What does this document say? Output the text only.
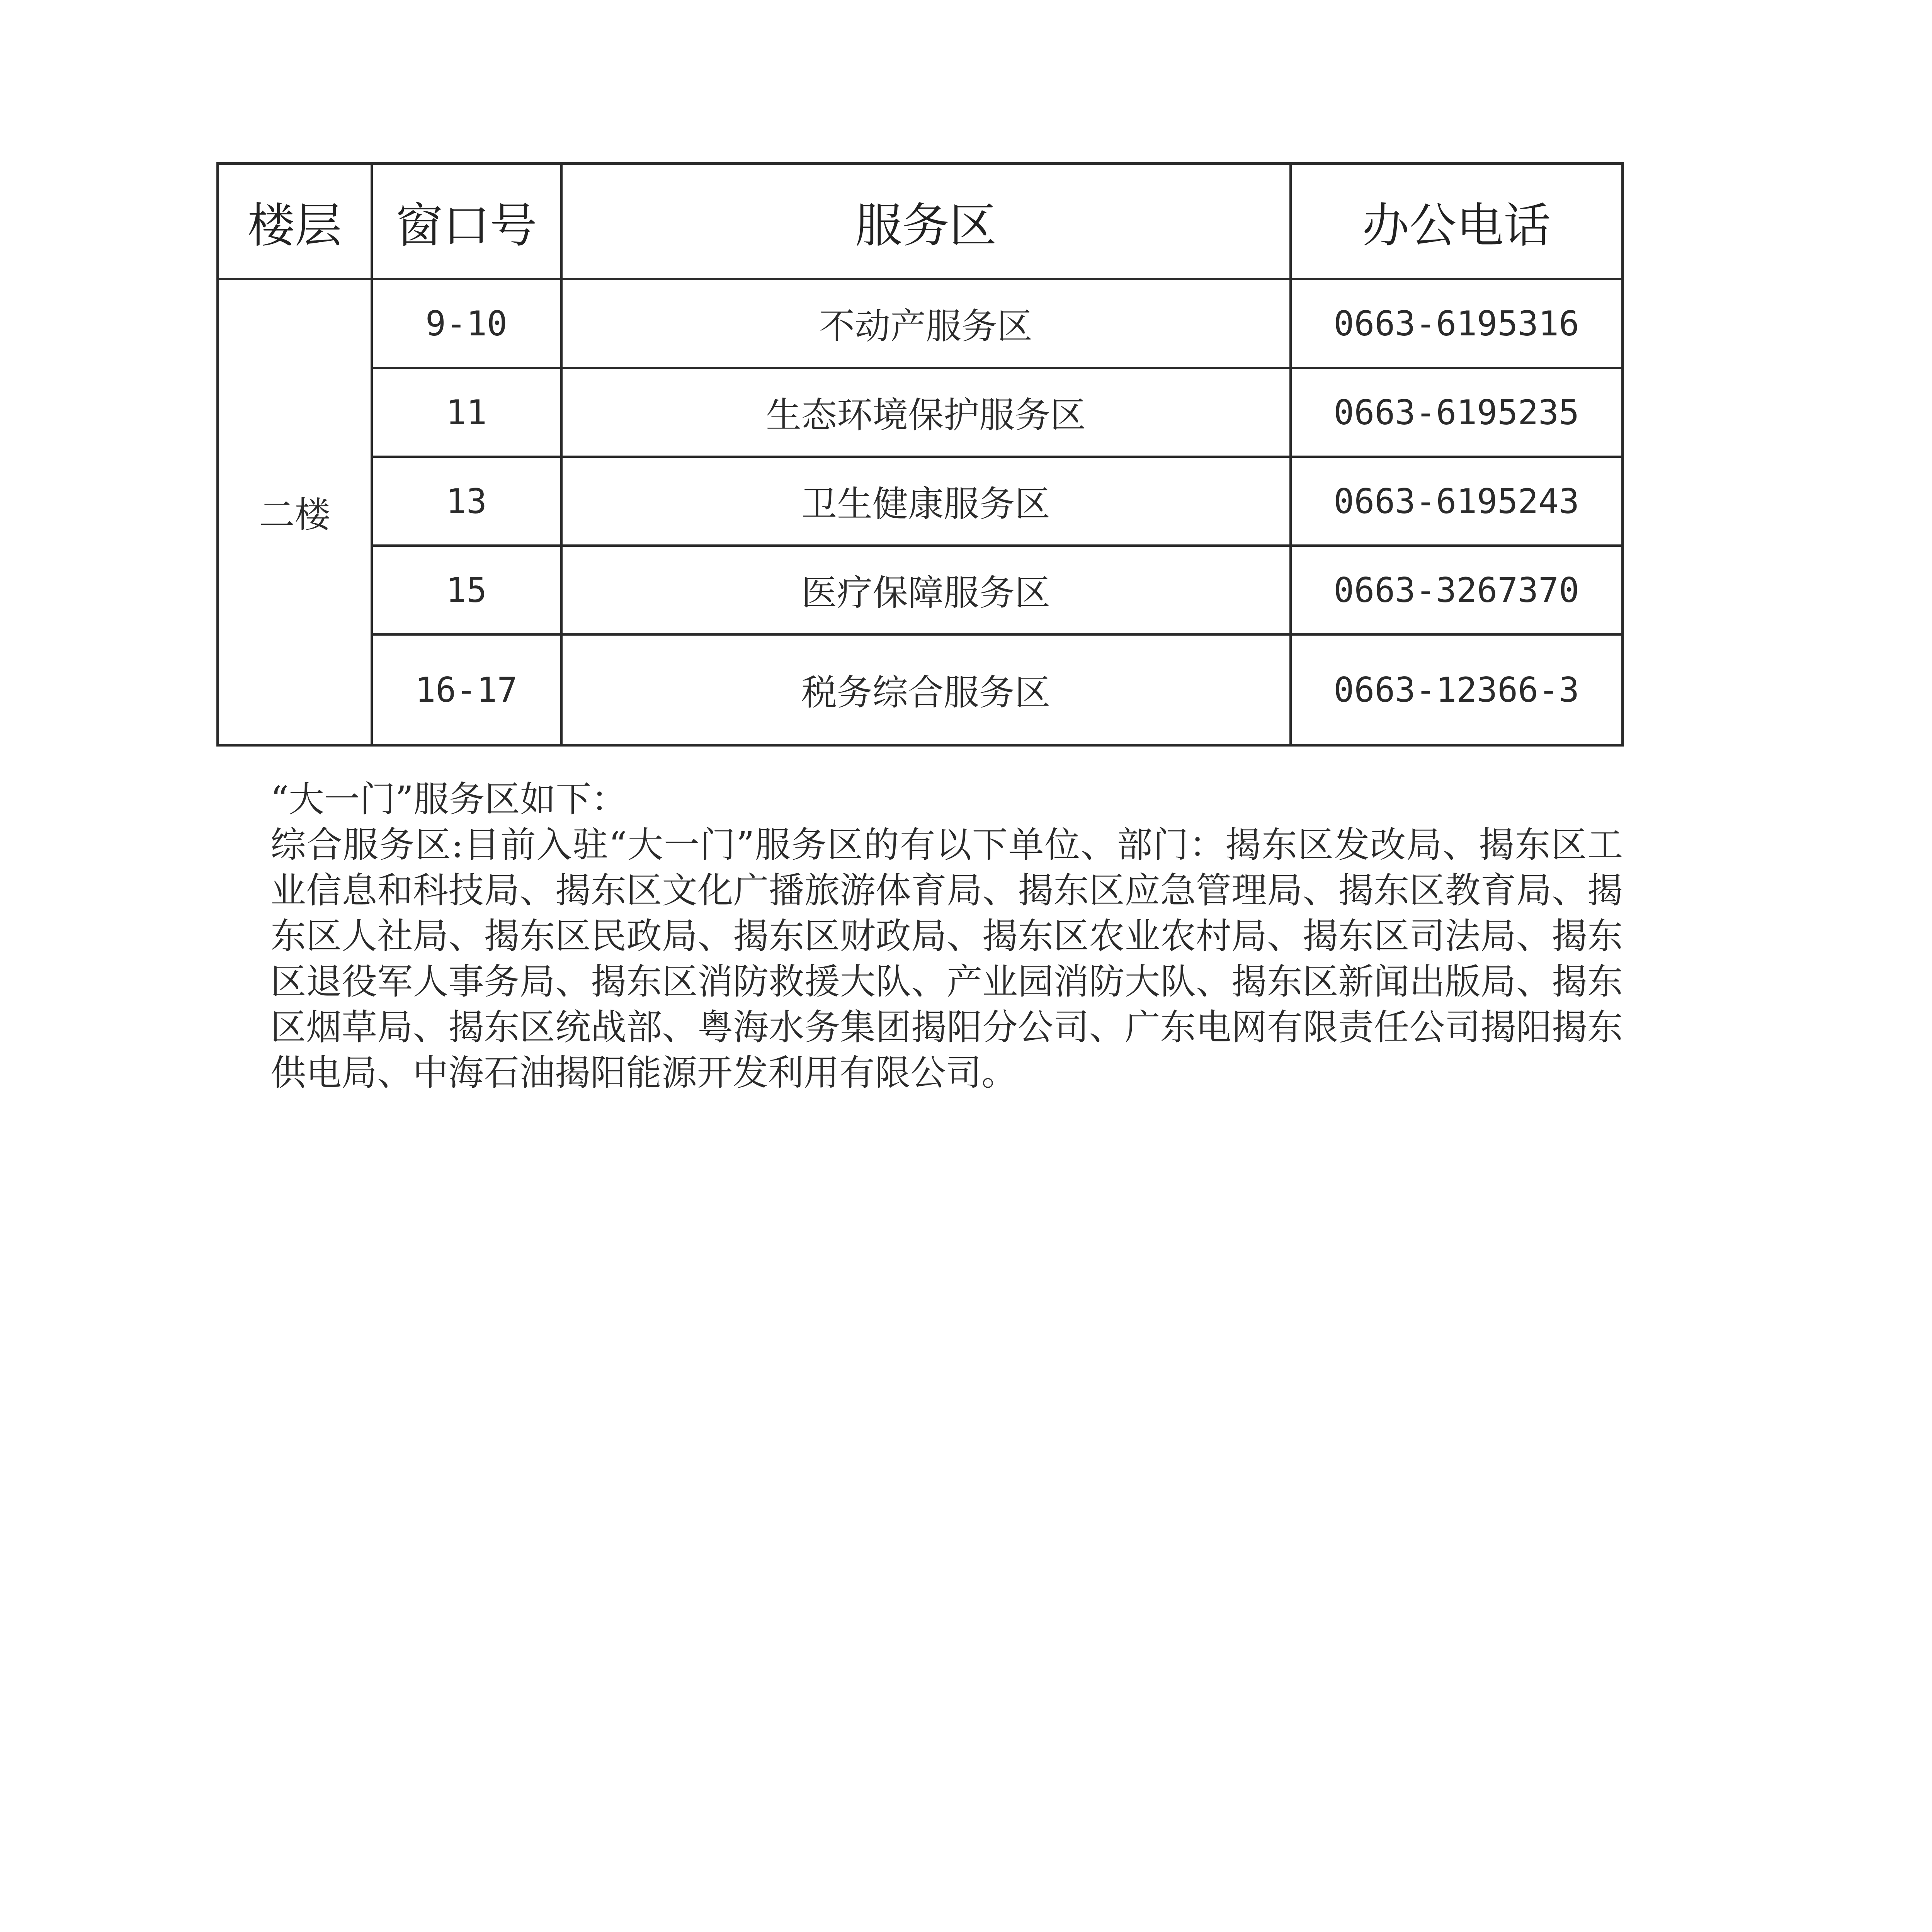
楼层	窗口号	服务区	办公电话
二楼	9-10	不动产服务区	0663-6195316
	11	生态环境保护服务区	0663-6195235
	13	卫生健康服务区	0663-6195243
	15	医疗保障服务区	0663-3267370
	16-17	税务综合服务区	0663-12366-3
“大一门”服务区如下：
综合服务区:目前入驻“大一门”服务区的有以下单位、部门：揭东区发改局、揭东区工业信息和科技局、揭东区文化广播旅游体育局、揭东区应急管理局、揭东区教育局、揭东区人社局、揭东区民政局、揭东区财政局、揭东区农业农村局、揭东区司法局、揭东区退役军人事务局、揭东区消防救援大队、产业园消防大队、揭东区新闻出版局、揭东区烟草局、揭东区统战部、粤海水务集团揭阳分公司、广东电网有限责任公司揭阳揭东供电局、中海石油揭阳能源开发利用有限公司。
